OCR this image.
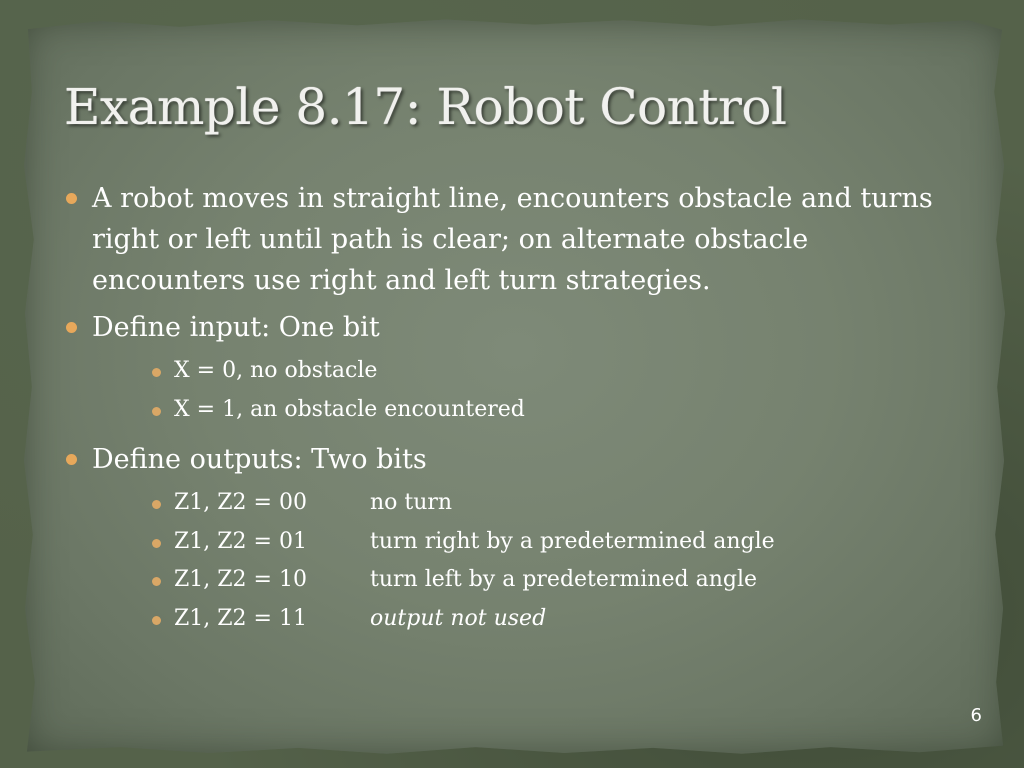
Example 8.17: Robot Control
A robot moves in straight line, encounters obstacle and turns right or left until path is clear; on alternate obstacle encounters use right and left turn strategies.
Define input: One bit
X = 0, no obstacle
X = 1, an obstacle encountered
Define outputs: Two bits
Z1, Z2 = 00	no turn
Z1, Z2 = 01	turn right by a predetermined angle
Z1, Z2 = 10	turn left by a predetermined angle
Z1, Z2 = 11	output not used
6
